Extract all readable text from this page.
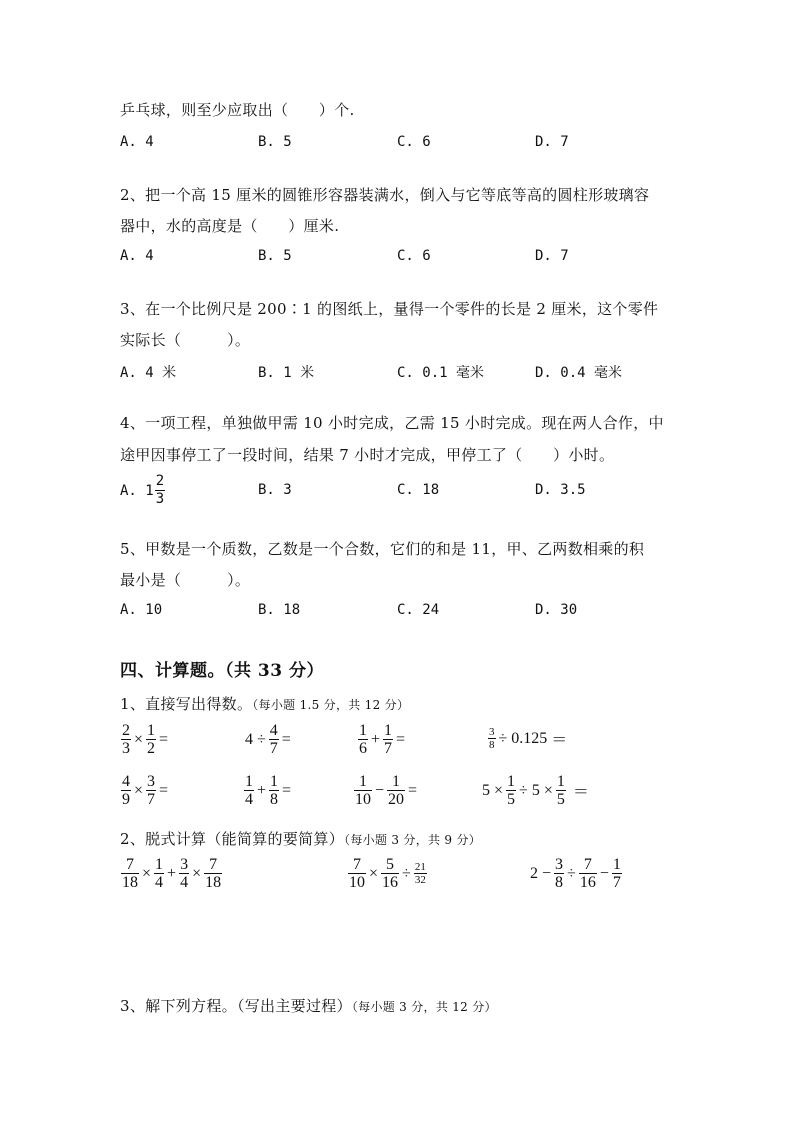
乒乓球，则至少应取出（　　）个.
A. 4	B. 5	C. 6	D. 7
2、把一个高 15 厘米的圆锥形容器装满水，倒入与它等底等高的圆柱形玻璃容
器中，水的高度是（　　）厘米.
A. 4	B. 5	C. 6	D. 7
3、在一个比例尺是 200∶1 的图纸上，量得一个零件的长是 2 厘米，这个零件
实际长（　　　）。
A. 4 米	B. 1 米	C. 0.1 毫米	D. 0.4 毫米
4、一项工程，单独做甲需 10 小时完成，乙需 15 小时完成。现在两人合作，中
途甲因事停工了一段时间，结果 7 小时才完成，甲停工了（　　）小时。
A. $1 \frac{2}{3}$	B. 3	C. 18	D. 3.5
5、甲数是一个质数，乙数是一个合数，它们的和是 11，甲、乙两数相乘的积
最小是（　　　）。
A. 10	B. 18	C. 24	D. 30
四、计算题。（共 33 分）
1、直接写出得数。（每小题 1.5 分，共 12 分）
$\frac{2}{3} \times \frac{1}{2}$ =	$4 \div \frac{4}{7}$ =	$\frac{1}{6} + \frac{1}{7}$ =	$\frac{3}{8} \div 0.125$ ＝
$\frac{4}{9} \times \frac{3}{7}$ =	$\frac{1}{4} + \frac{1}{8}$ =	$\frac{1}{10} - \frac{1}{20}$ =	$5 \times \frac{1}{5} \div 5 \times \frac{1}{5}$ ＝
2、脱式计算（能简算的要简算）（每小题 3 分，共 9 分）
$\frac{7}{18} \times \frac{1}{4} + \frac{3}{4} \times \frac{7}{18}$	$\frac{7}{10} \times \frac{5}{16} \div \frac{21}{32}$	$2 - \frac{3}{8} \div \frac{7}{16} - \frac{1}{7}$
3、解下列方程。（写出主要过程）（每小题 3 分，共 12 分）
